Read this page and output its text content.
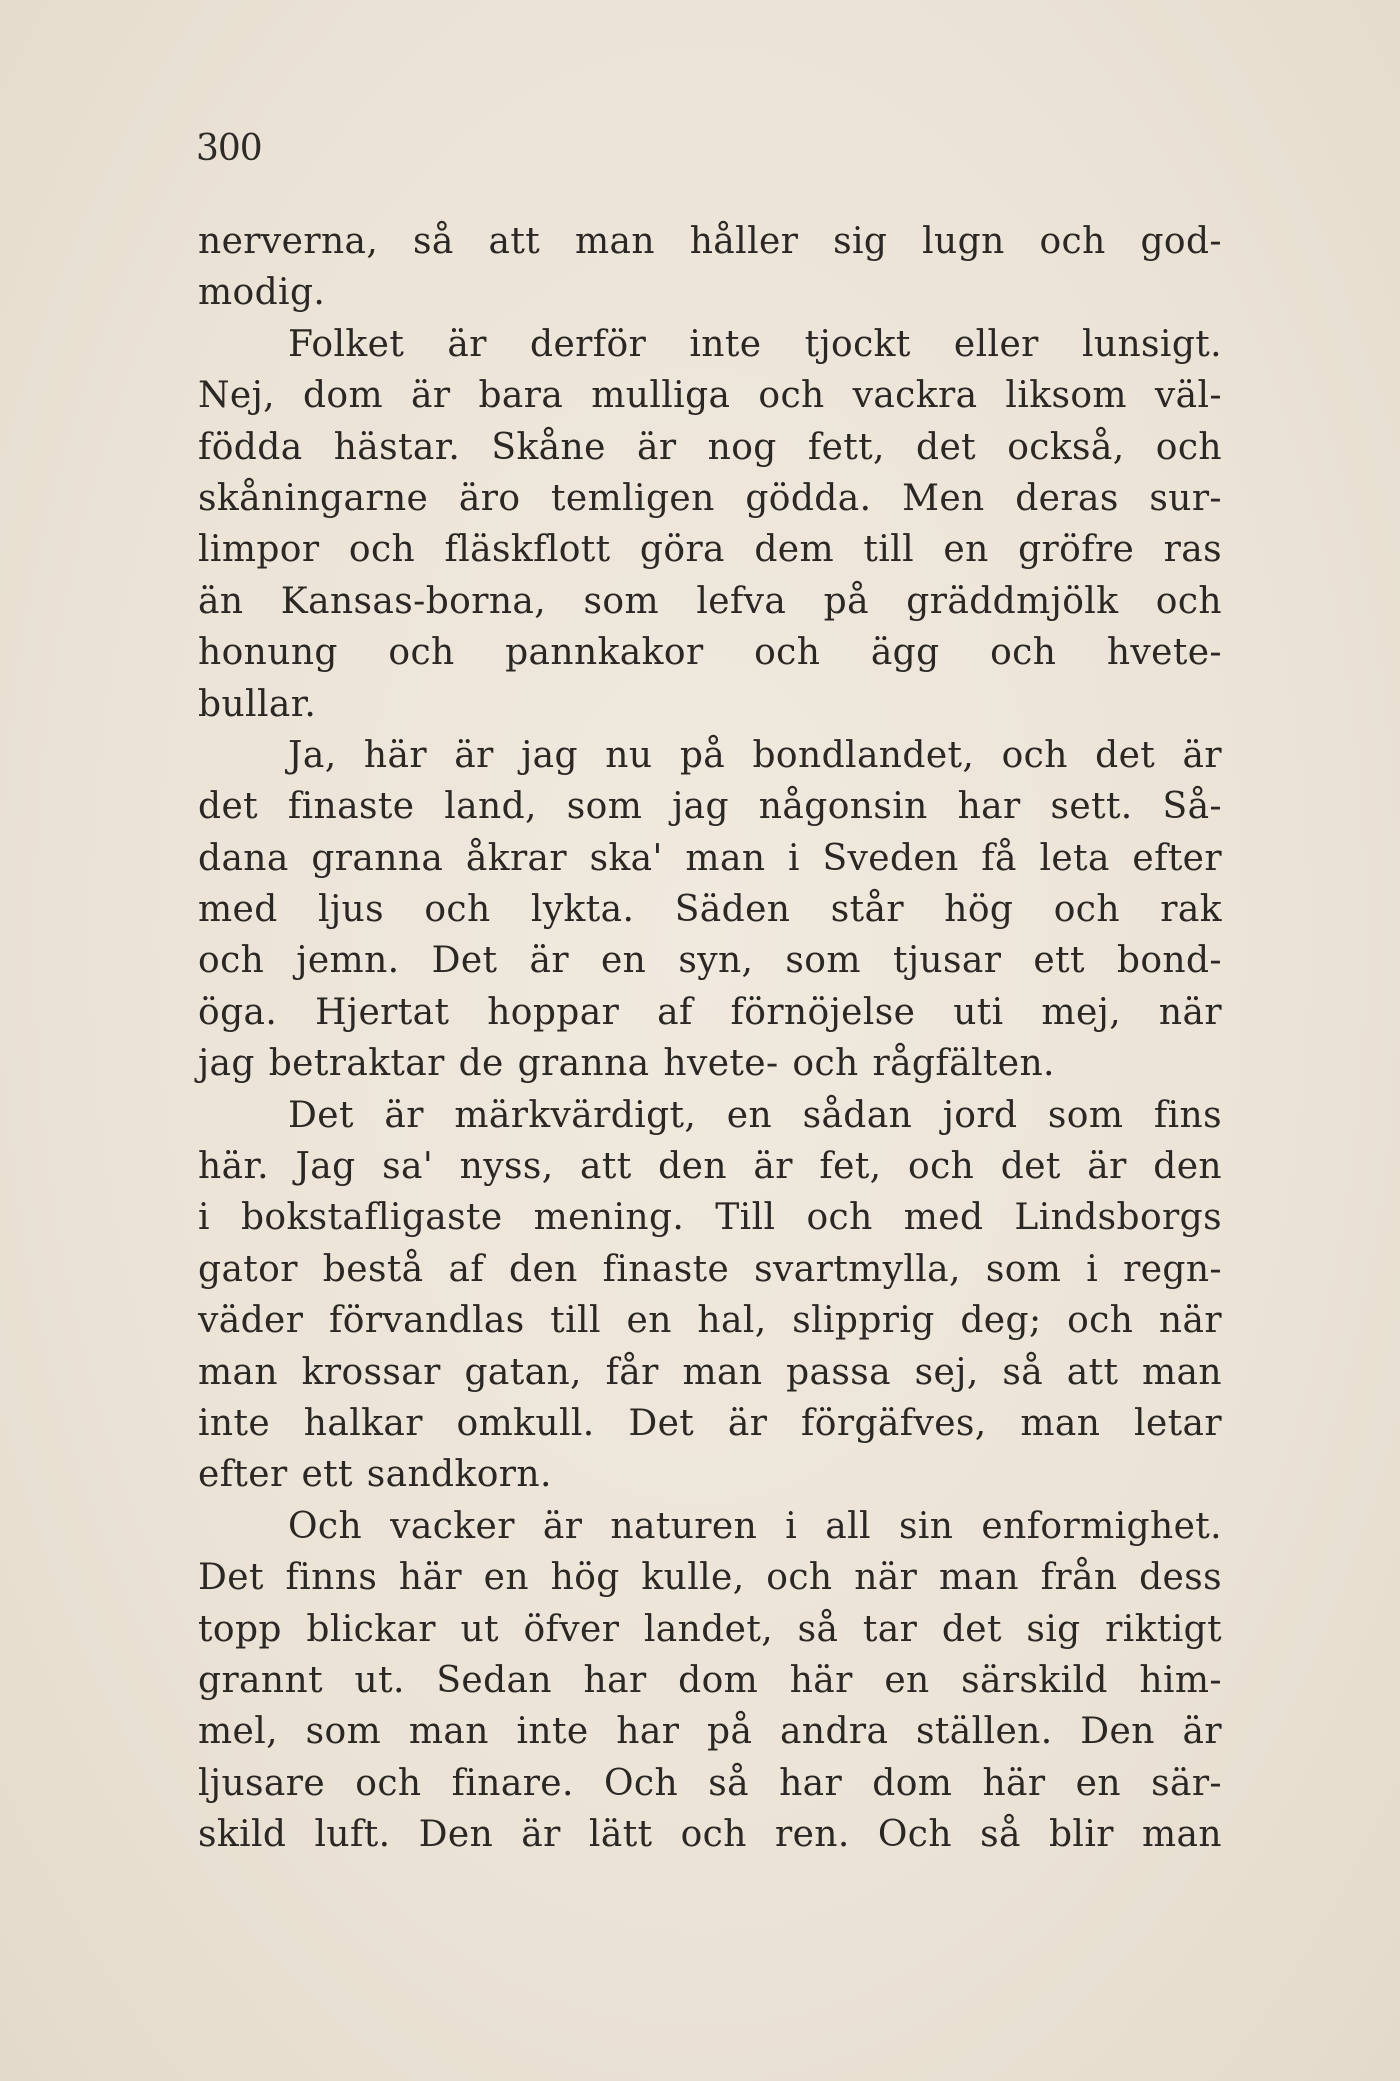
300
nerverna, så att man håller sig lugn och god-
modig.
Folket är derför inte tjockt eller lunsigt.
Nej, dom är bara mulliga och vackra liksom väl-
födda hästar. Skåne är nog fett, det också, och
skåningarne äro temligen gödda. Men deras sur-
limpor och fläskflott göra dem till en gröfre ras
än Kansas-borna, som lefva på gräddmjölk och
honung och pannkakor och ägg och hvete-
bullar.
Ja, här är jag nu på bondlandet, och det är
det finaste land, som jag någonsin har sett. Så-
dana granna åkrar ska' man i Sveden få leta efter
med ljus och lykta. Säden står hög och rak
och jemn. Det är en syn, som tjusar ett bond-
öga. Hjertat hoppar af förnöjelse uti mej, när
jag betraktar de granna hvete- och rågfälten.
Det är märkvärdigt, en sådan jord som fins
här. Jag sa' nyss, att den är fet, och det är den
i bokstafligaste mening. Till och med Lindsborgs
gator bestå af den finaste svartmylla, som i regn-
väder förvandlas till en hal, slipprig deg; och när
man krossar gatan, får man passa sej, så att man
inte halkar omkull. Det är förgäfves, man letar
efter ett sandkorn.
Och vacker är naturen i all sin enformighet.
Det finns här en hög kulle, och när man från dess
topp blickar ut öfver landet, så tar det sig riktigt
grannt ut. Sedan har dom här en särskild him-
mel, som man inte har på andra ställen. Den är
ljusare och finare. Och så har dom här en sär-
skild luft. Den är lätt och ren. Och så blir man
